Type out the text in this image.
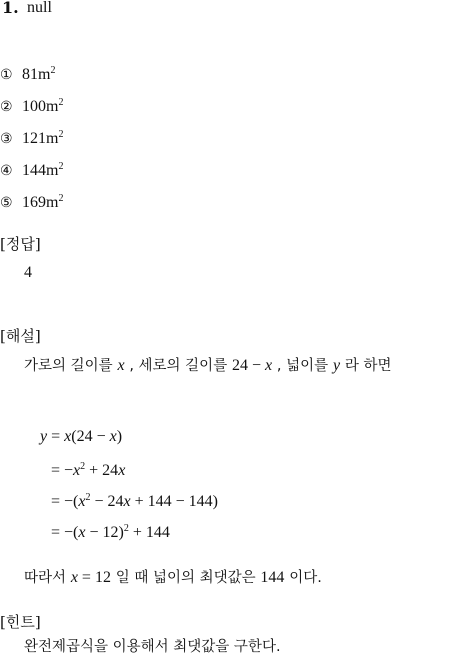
1. null
① $81m^2$
② $100m^2$
③ $121m^2$
④ $144m^2$
⑤ $169m^2$
[정답]
4
[해설]
가로의 길이를 x , 세로의 길이를 24 − x , 넓이를 y 라 하면
y = x(24 − x)
= $-x^2 + 24x$
= $-(x^2 - 24x + 144 - 144)$
= $-(x - 12)^2 + 144$
따라서 x = 12 일 때 넓이의 최댓값은 144 이다.
[힌트]
완전제곱식을 이용해서 최댓값을 구한다.
